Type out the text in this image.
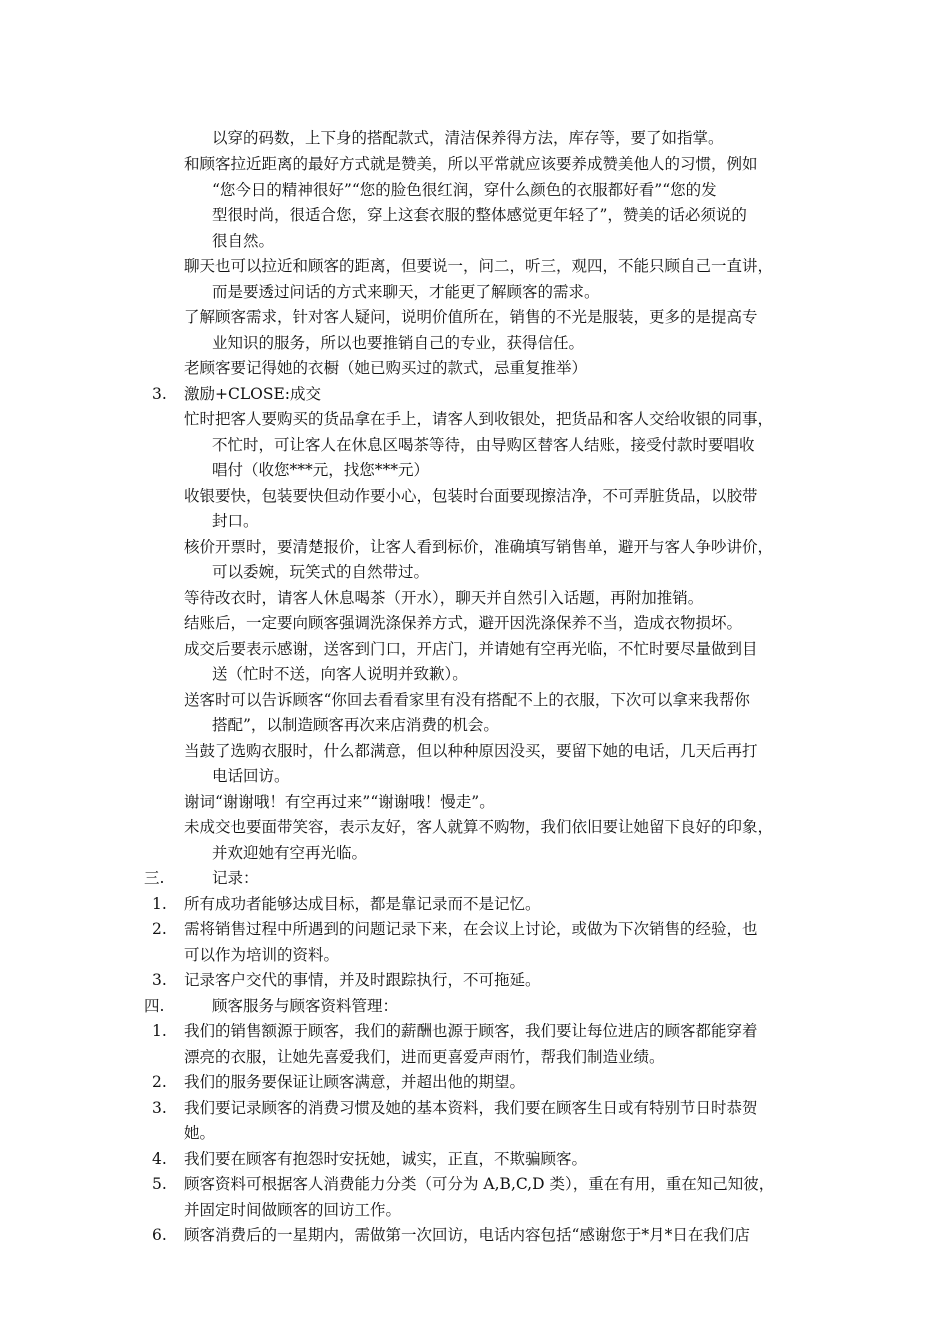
以穿的码数，上下身的搭配款式，清洁保养得方法，库存等，要了如指掌。
和顾客拉近距离的最好方式就是赞美，所以平常就应该要养成赞美他人的习惯，例如
“您今日的精神很好”“您的脸色很红润，穿什么颜色的衣服都好看”“您的发
型很时尚，很适合您，穿上这套衣服的整体感觉更年轻了”，赞美的话必须说的
很自然。
聊天也可以拉近和顾客的距离，但要说一，问二，听三，观四，不能只顾自己一直讲，
而是要透过问话的方式来聊天，才能更了解顾客的需求。
了解顾客需求，针对客人疑问，说明价值所在，销售的不光是服装，更多的是提高专
业知识的服务，所以也要推销自己的专业，获得信任。
老顾客要记得她的衣橱（她已购买过的款式，忌重复推举）
3. 激励+CLOSE:成交
忙时把客人要购买的货品拿在手上，请客人到收银处，把货品和客人交给收银的同事，
不忙时，可让客人在休息区喝茶等待，由导购区替客人结账，接受付款时要唱收
唱付（收您***元，找您***元）
收银要快，包装要快但动作要小心，包装时台面要现擦洁净，不可弄脏货品，以胶带
封口。
核价开票时，要清楚报价，让客人看到标价，准确填写销售单，避开与客人争吵讲价，
可以委婉，玩笑式的自然带过。
等待改衣时，请客人休息喝茶（开水），聊天并自然引入话题，再附加推销。
结账后，一定要向顾客强调洗涤保养方式，避开因洗涤保养不当，造成衣物损坏。
成交后要表示感谢，送客到门口，开店门，并请她有空再光临，不忙时要尽量做到目
送（忙时不送，向客人说明并致歉）。
送客时可以告诉顾客“你回去看看家里有没有搭配不上的衣服，下次可以拿来我帮你
搭配”，以制造顾客再次来店消费的机会。
当鼓了选购衣服时，什么都满意，但以种种原因没买，要留下她的电话，几天后再打
电话回访。
谢词“谢谢哦！有空再过来”“谢谢哦！慢走”。
未成交也要面带笑容，表示友好，客人就算不购物，我们依旧要让她留下良好的印象，
并欢迎她有空再光临。
三.	记录：
1. 所有成功者能够达成目标，都是靠记录而不是记忆。
2. 需将销售过程中所遇到的问题记录下来，在会议上讨论，或做为下次销售的经验，也
可以作为培训的资料。
3. 记录客户交代的事情，并及时跟踪执行，不可拖延。
四.	顾客服务与顾客资料管理：
1. 我们的销售额源于顾客，我们的薪酬也源于顾客，我们要让每位进店的顾客都能穿着
漂亮的衣服，让她先喜爱我们，进而更喜爱声雨竹，帮我们制造业绩。
2. 我们的服务要保证让顾客满意，并超出他的期望。
3. 我们要记录顾客的消费习惯及她的基本资料，我们要在顾客生日或有特别节日时恭贺
她。
4. 我们要在顾客有抱怨时安抚她，诚实，正直，不欺骗顾客。
5. 顾客资料可根据客人消费能力分类（可分为 A,B,C,D 类），重在有用，重在知己知彼，
并固定时间做顾客的回访工作。
6. 顾客消费后的一星期内，需做第一次回访，电话内容包括“感谢您于*月*日在我们店
